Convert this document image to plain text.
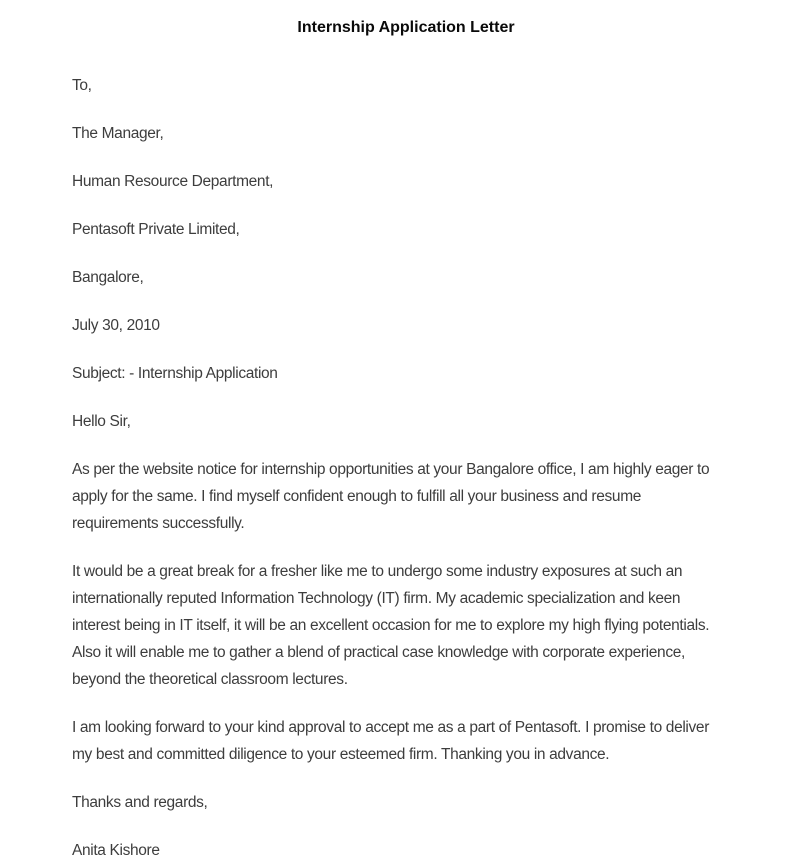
Internship Application Letter
To,
The Manager,
Human Resource Department,
Pentasoft Private Limited,
Bangalore,
July 30, 2010
Subject: - Internship Application
Hello Sir,
As per the website notice for internship opportunities at your Bangalore office, I am highly eager to
apply for the same. I find myself confident enough to fulfill all your business and resume
requirements successfully.
It would be a great break for a fresher like me to undergo some industry exposures at such an
internationally reputed Information Technology (IT) firm. My academic specialization and keen
interest being in IT itself, it will be an excellent occasion for me to explore my high flying potentials.
Also it will enable me to gather a blend of practical case knowledge with corporate experience,
beyond the theoretical classroom lectures.
I am looking forward to your kind approval to accept me as a part of Pentasoft. I promise to deliver
my best and committed diligence to your esteemed firm. Thanking you in advance.
Thanks and regards,
Anita Kishore
